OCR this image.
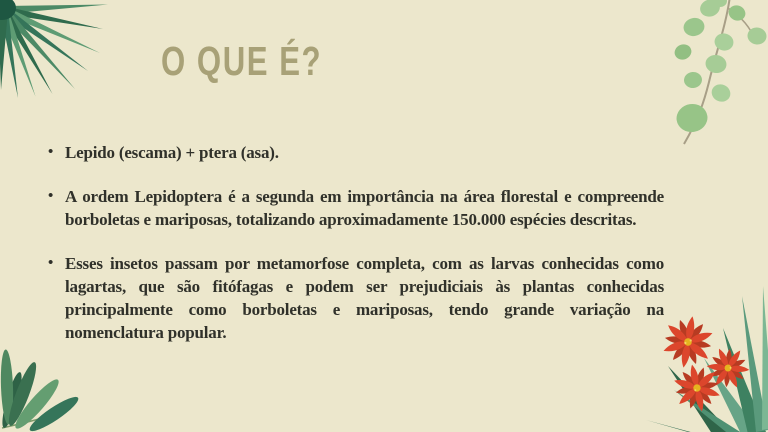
O QUE É?
• Lepido (escama) + ptera (asa).
• A ordem Lepidoptera é a segunda em importância na área florestal e compreende borboletas e mariposas, totalizando aproximadamente 150.000 espécies descritas.
• Esses insetos passam por metamorfose completa, com as larvas conhecidas como lagartas, que são fitófagas e podem ser prejudiciais às plantas conhecidas principalmente como borboletas e mariposas, tendo grande variação na nomenclatura popular.
